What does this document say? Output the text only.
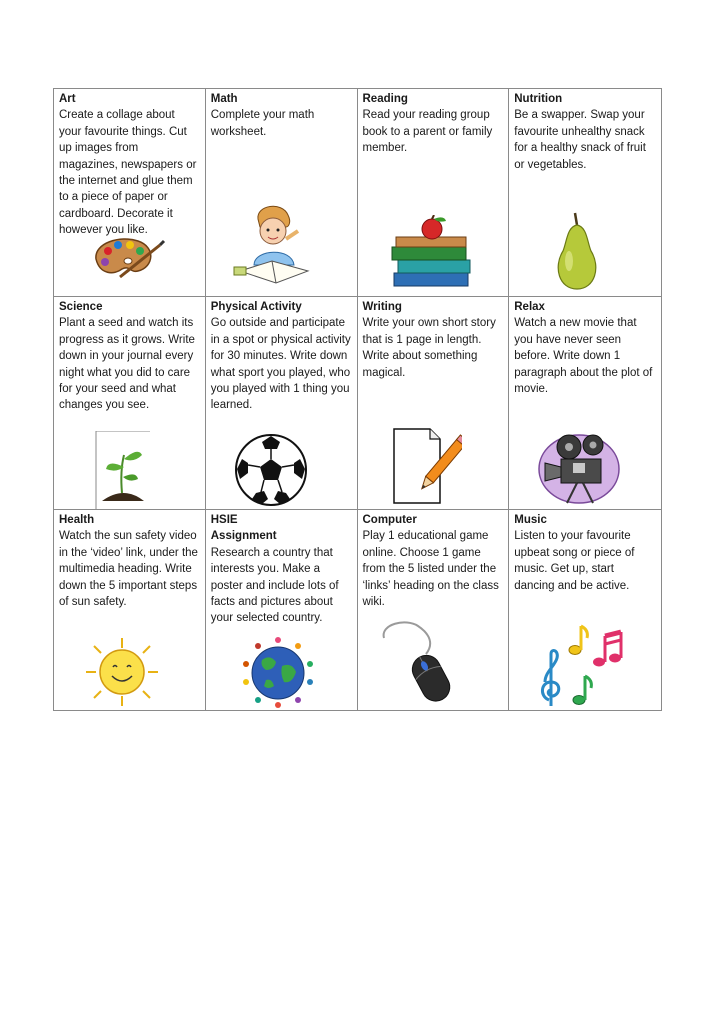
Art
Create a collage about your favourite things. Cut up images from magazines, newspapers or the internet and glue them to a piece of paper or cardboard. Decorate it however you like.
Math
Complete your math worksheet.
Reading
Read your reading group book to a parent or family member.
Nutrition
Be a swapper. Swap your favourite unhealthy snack for a healthy snack of fruit or vegetables.
Science
Plant a seed and watch its progress as it grows. Write down in your journal every night what you did to care for your seed and what changes you see.
Physical Activity
Go outside and participate in a spot or physical activity for 30 minutes. Write down what sport you played, who you played with 1 thing you learned.
Writing
Write your own short story that is 1 page in length. Write about something magical.
Relax
Watch a new movie that you have never seen before. Write down 1 paragraph about the plot of movie.
Health
Watch the sun safety video in the ‘video’ link, under the multimedia heading. Write down the 5 important steps of sun safety.
HSIE
Assignment
Research a country that interests you. Make a poster and include lots of facts and pictures about your selected country.
Computer
Play 1 educational game online. Choose 1 game from the 5 listed under the ‘links’ heading on the class wiki.
Music
Listen to your favourite upbeat song or piece of music. Get up, start dancing and be active.
